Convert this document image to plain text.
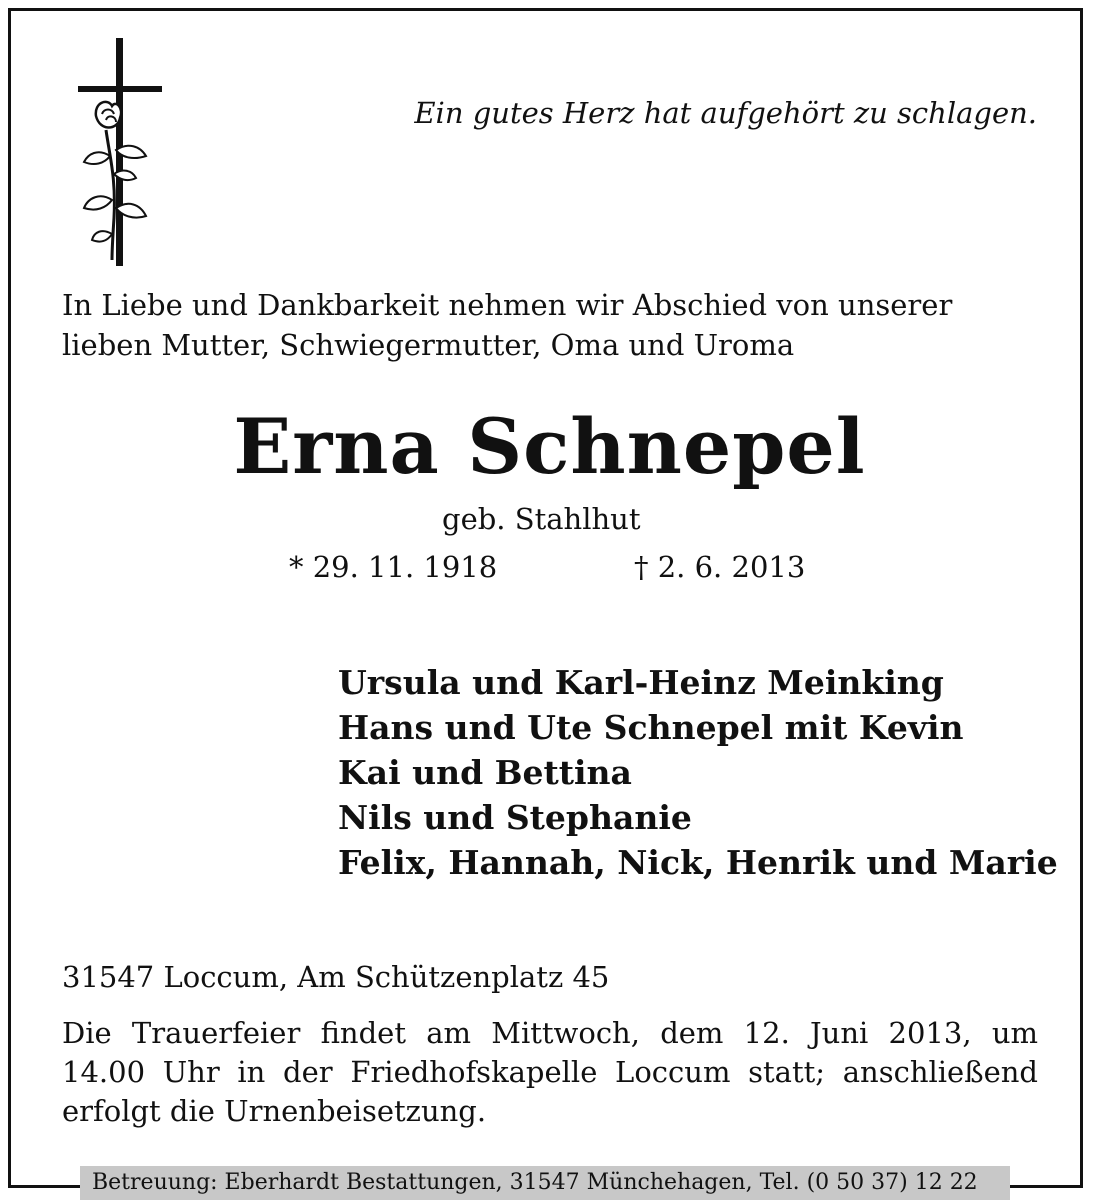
Ein gutes Herz hat aufgehört zu schlagen.
In Liebe und Dankbarkeit nehmen wir Abschied von unserer
lieben Mutter, Schwiegermutter, Oma und Uroma
Erna Schnepel
geb. Stahlhut
* 29. 11. 1918	† 2. 6. 2013
Ursula und Karl-Heinz Meinking
Hans und Ute Schnepel mit Kevin
Kai und Bettina
Nils und Stephanie
Felix, Hannah, Nick, Henrik und Marie
31547 Loccum, Am Schützenplatz 45
Die Trauerfeier findet am Mittwoch, dem 12. Juni 2013, um
14.00 Uhr in der Friedhofskapelle Loccum statt; anschließend
erfolgt die Urnenbeisetzung.
Betreuung: Eberhardt Bestattungen, 31547 Münchehagen, Tel. (0 50 37) 12 22
